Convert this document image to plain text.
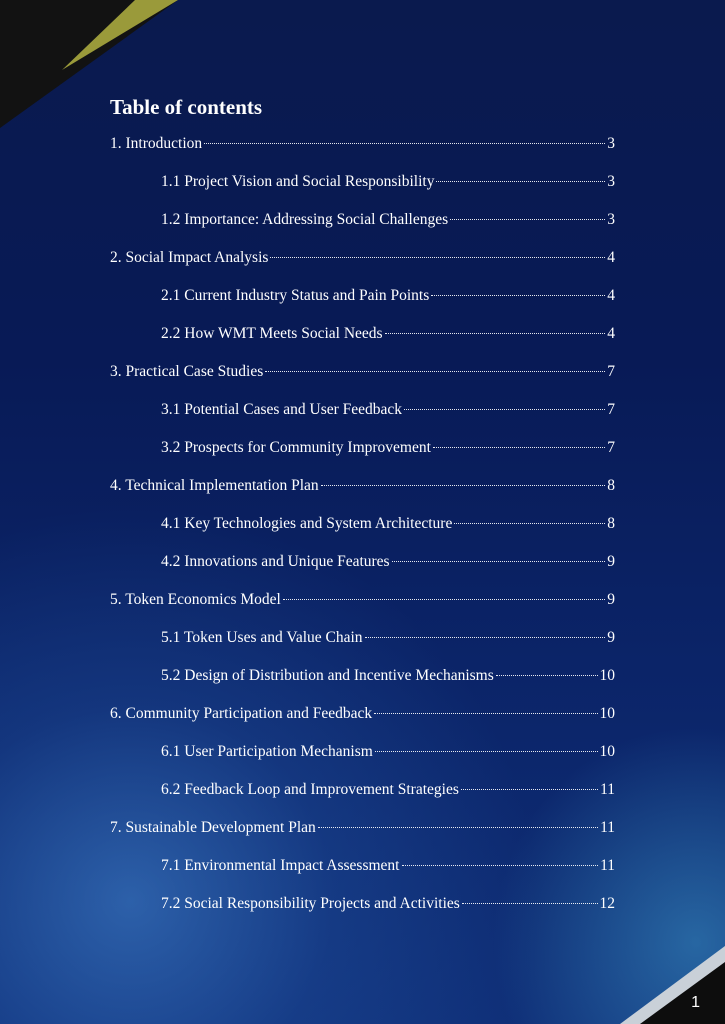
Table of contents
1. Introduction	3
1.1 Project Vision and Social Responsibility	3
1.2 Importance: Addressing Social Challenges	3
2. Social Impact Analysis	4
2.1 Current Industry Status and Pain Points	4
2.2 How WMT Meets Social Needs	4
3. Practical Case Studies	7
3.1 Potential Cases and User Feedback	7
3.2 Prospects for Community Improvement	7
4. Technical Implementation Plan	8
4.1 Key Technologies and System Architecture	8
4.2 Innovations and Unique Features	9
5. Token Economics Model	9
5.1 Token Uses and Value Chain	9
5.2 Design of Distribution and Incentive Mechanisms	10
6. Community Participation and Feedback	10
6.1 User Participation Mechanism	10
6.2 Feedback Loop and Improvement Strategies	11
7. Sustainable Development Plan	11
7.1 Environmental Impact Assessment	11
7.2 Social Responsibility Projects and Activities	12
1
